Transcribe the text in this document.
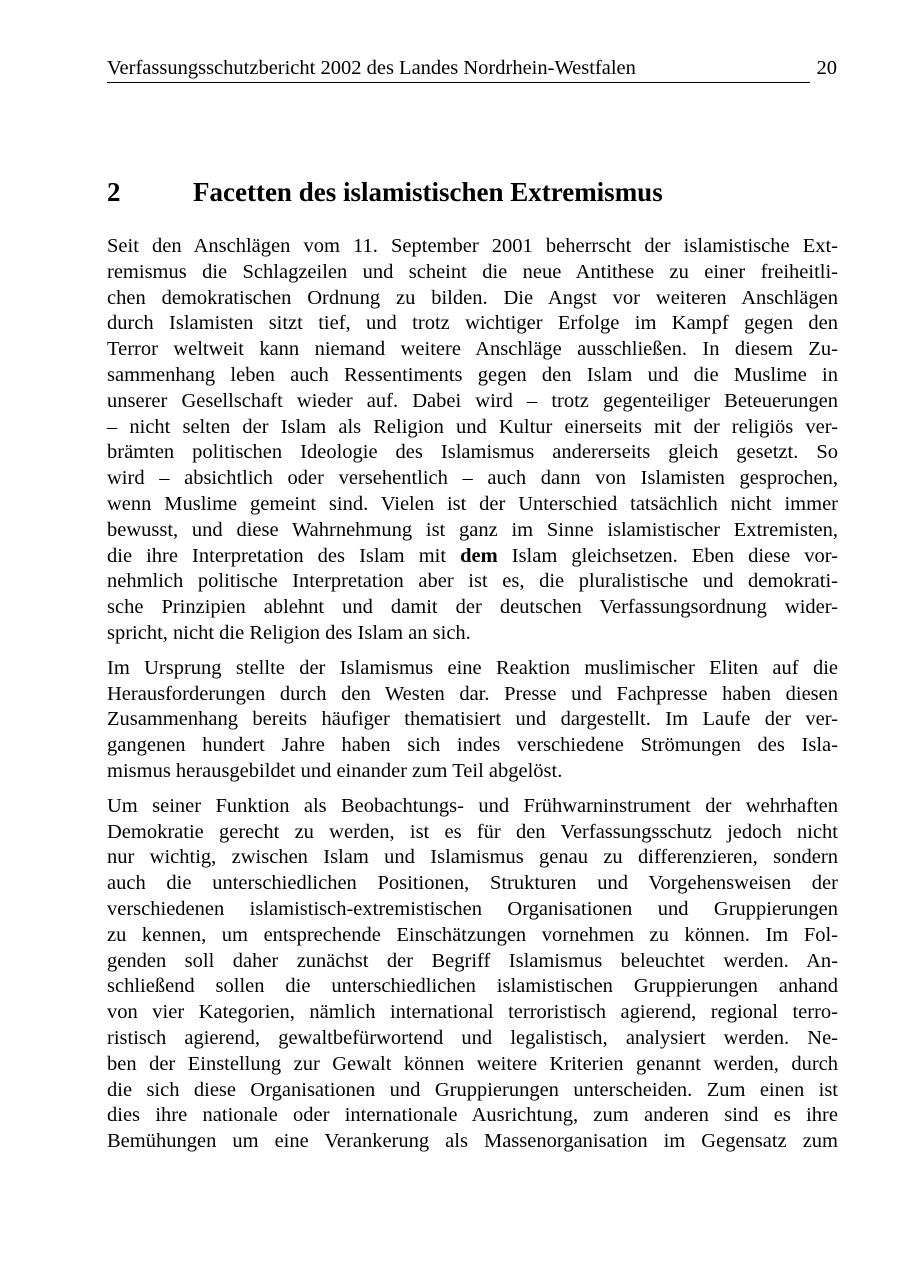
Verfassungsschutzbericht 2002 des Landes Nordrhein-Westfalen	20
2	Facetten des islamistischen Extremismus
Seit den Anschlägen vom 11. September 2001 beherrscht der islamistische Ext-
remismus die Schlagzeilen und scheint die neue Antithese zu einer freiheitli-
chen demokratischen Ordnung zu bilden. Die Angst vor weiteren Anschlägen
durch Islamisten sitzt tief, und trotz wichtiger Erfolge im Kampf gegen den
Terror weltweit kann niemand weitere Anschläge ausschließen. In diesem Zu-
sammenhang leben auch Ressentiments gegen den Islam und die Muslime in
unserer Gesellschaft wieder auf. Dabei wird – trotz gegenteiliger Beteuerungen
– nicht selten der Islam als Religion und Kultur einerseits mit der religiös ver-
brämten politischen Ideologie des Islamismus andererseits gleich gesetzt. So
wird – absichtlich oder versehentlich – auch dann von Islamisten gesprochen,
wenn Muslime gemeint sind. Vielen ist der Unterschied tatsächlich nicht immer
bewusst, und diese Wahrnehmung ist ganz im Sinne islamistischer Extremisten,
die ihre Interpretation des Islam mit dem Islam gleichsetzen. Eben diese vor-
nehmlich politische Interpretation aber ist es, die pluralistische und demokrati-
sche Prinzipien ablehnt und damit der deutschen Verfassungsordnung wider-
spricht, nicht die Religion des Islam an sich.
Im Ursprung stellte der Islamismus eine Reaktion muslimischer Eliten auf die
Herausforderungen durch den Westen dar. Presse und Fachpresse haben diesen
Zusammenhang bereits häufiger thematisiert und dargestellt. Im Laufe der ver-
gangenen hundert Jahre haben sich indes verschiedene Strömungen des Isla-
mismus herausgebildet und einander zum Teil abgelöst.
Um seiner Funktion als Beobachtungs- und Frühwarninstrument der wehrhaften
Demokratie gerecht zu werden, ist es für den Verfassungsschutz jedoch nicht
nur wichtig, zwischen Islam und Islamismus genau zu differenzieren, sondern
auch die unterschiedlichen Positionen, Strukturen und Vorgehensweisen der
verschiedenen islamistisch-extremistischen Organisationen und Gruppierungen
zu kennen, um entsprechende Einschätzungen vornehmen zu können. Im Fol-
genden soll daher zunächst der Begriff Islamismus beleuchtet werden. An-
schließend sollen die unterschiedlichen islamistischen Gruppierungen anhand
von vier Kategorien, nämlich international terroristisch agierend, regional terro-
ristisch agierend, gewaltbefürwortend und legalistisch, analysiert werden. Ne-
ben der Einstellung zur Gewalt können weitere Kriterien genannt werden, durch
die sich diese Organisationen und Gruppierungen unterscheiden. Zum einen ist
dies ihre nationale oder internationale Ausrichtung, zum anderen sind es ihre
Bemühungen um eine Verankerung als Massenorganisation im Gegensatz zum
